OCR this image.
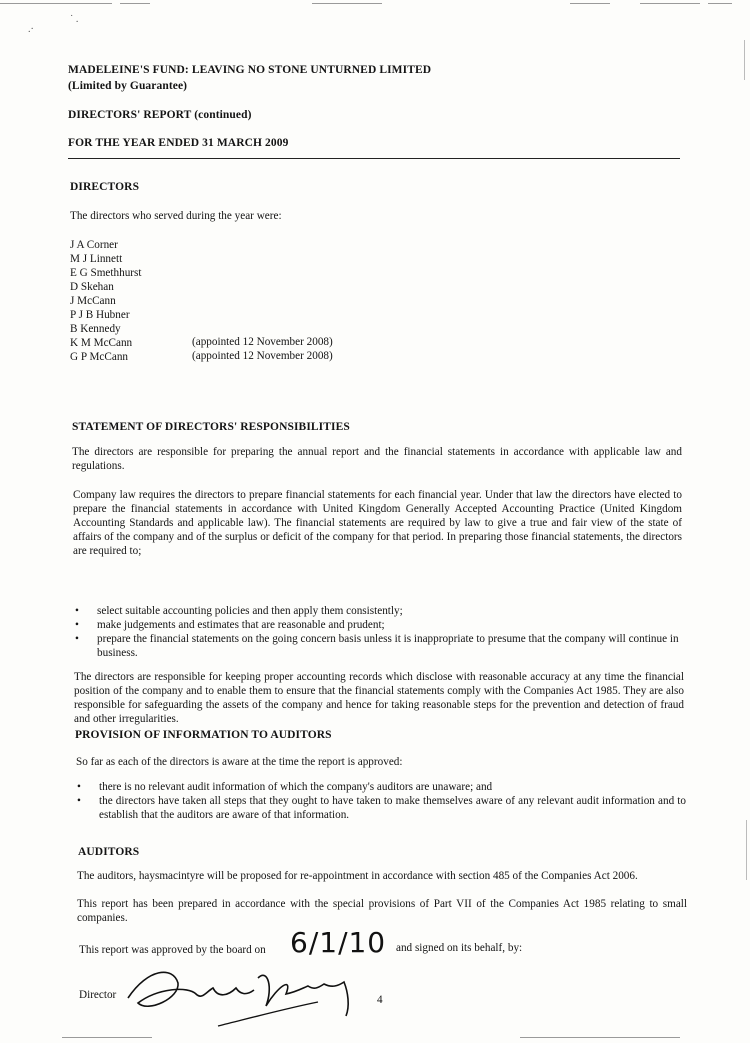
˙ .
.·
MADELEINE'S FUND: LEAVING NO STONE UNTURNED LIMITED
(Limited by Guarantee)
DIRECTORS' REPORT (continued)
FOR THE YEAR ENDED 31 MARCH 2009
DIRECTORS
The directors who served during the year were:
J A Corner
M J Linnett
E G Smethhurst
D Skehan
J McCann
P J B Hubner
B Kennedy
K M McCann	(appointed 12 November 2008)
G P McCann	(appointed 12 November 2008)
STATEMENT OF DIRECTORS' RESPONSIBILITIES
The directors are responsible for preparing the annual report and the financial statements in accordance with applicable law and regulations.
Company law requires the directors to prepare financial statements for each financial year. Under that law the directors have elected to prepare the financial statements in accordance with United Kingdom Generally Accepted Accounting Practice (United Kingdom Accounting Standards and applicable law). The financial statements are required by law to give a true and fair view of the state of affairs of the company and of the surplus or deficit of the company for that period. In preparing those financial statements, the directors are required to;
• select suitable accounting policies and then apply them consistently;
• make judgements and estimates that are reasonable and prudent;
• prepare the financial statements on the going concern basis unless it is inappropriate to presume that the company will continue in business.
The directors are responsible for keeping proper accounting records which disclose with reasonable accuracy at any time the financial position of the company and to enable them to ensure that the financial statements comply with the Companies Act 1985. They are also responsible for safeguarding the assets of the company and hence for taking reasonable steps for the prevention and detection of fraud and other irregularities.
PROVISION OF INFORMATION TO AUDITORS
So far as each of the directors is aware at the time the report is approved:
• there is no relevant audit information of which the company's auditors are unaware; and
• the directors have taken all steps that they ought to have taken to make themselves aware of any relevant audit information and to establish that the auditors are aware of that information.
AUDITORS
The auditors, haysmacintyre will be proposed for re-appointment in accordance with section 485 of the Companies Act 2006.
This report has been prepared in accordance with the special provisions of Part VII of the Companies Act 1985 relating to small companies.
This report was approved by the board on 6/1/10 and signed on its behalf, by:
Director	4
